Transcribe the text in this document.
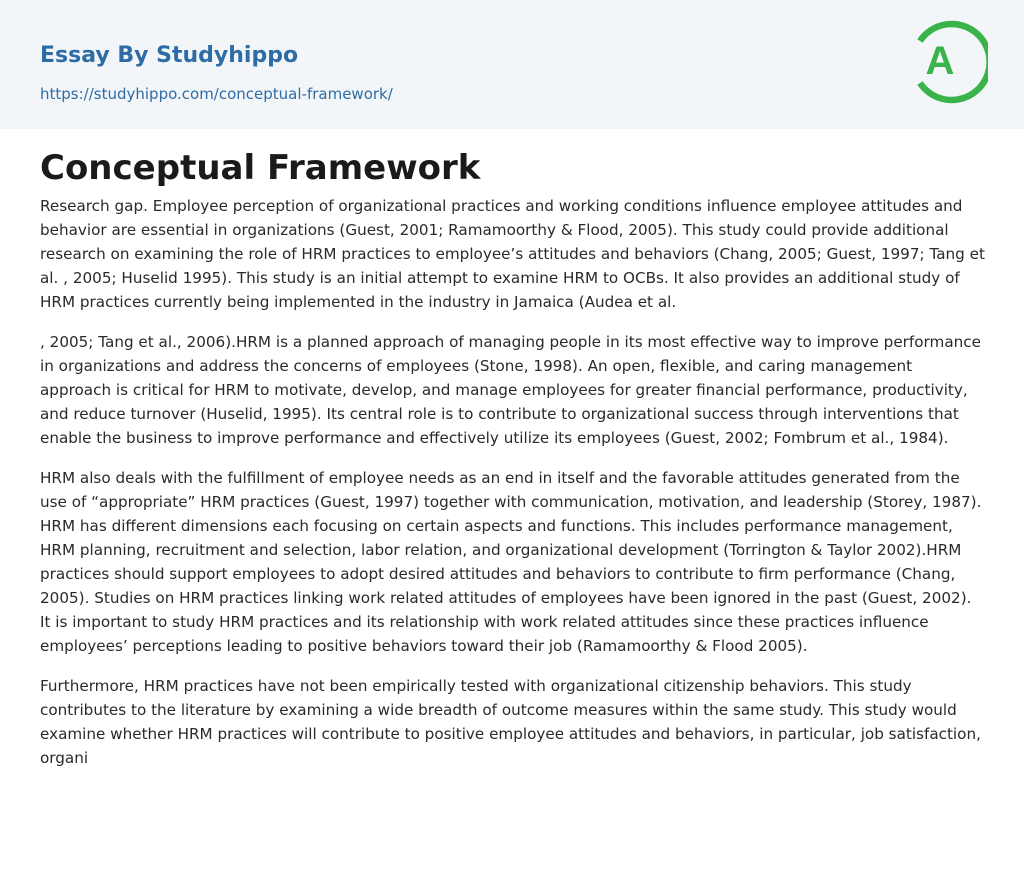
Essay By Studyhippo
https://studyhippo.com/conceptual-framework/
A
Conceptual Framework

Research gap. Employee perception of organizational practices and working conditions influence employee attitudes and behavior are essential in organizations (Guest, 2001; Ramamoorthy & Flood, 2005). This study could provide additional research on examining the role of HRM practices to employee’s attitudes and behaviors (Chang, 2005; Guest, 1997; Tang et al. , 2005; Huselid 1995). This study is an initial attempt to examine HRM to OCBs. It also provides an additional study of HRM practices currently being implemented in the industry in Jamaica (Audea et al.

, 2005; Tang et al., 2006).HRM is a planned approach of managing people in its most effective way to improve performance in organizations and address the concerns of employees (Stone, 1998). An open, flexible, and caring management approach is critical for HRM to motivate, develop, and manage employees for greater financial performance, productivity, and reduce turnover (Huselid, 1995). Its central role is to contribute to organizational success through interventions that enable the business to improve performance and effectively utilize its employees (Guest, 2002; Fombrum et al., 1984).

HRM also deals with the fulfillment of employee needs as an end in itself and the favorable attitudes generated from the use of “appropriate” HRM practices (Guest, 1997) together with communication, motivation, and leadership (Storey, 1987). HRM has different dimensions each focusing on certain aspects and functions. This includes performance management, HRM planning, recruitment and selection, labor relation, and organizational development (Torrington & Taylor 2002).HRM practices should support employees to adopt desired attitudes and behaviors to contribute to firm performance (Chang, 2005). Studies on HRM practices linking work related attitudes of employees have been ignored in the past (Guest, 2002). It is important to study HRM practices and its relationship with work related attitudes since these practices influence employees’ perceptions leading to positive behaviors toward their job (Ramamoorthy & Flood 2005).

Furthermore, HRM practices have not been empirically tested with organizational citizenship behaviors. This study contributes to the literature by examining a wide breadth of outcome measures within the same study. This study would examine whether HRM practices will contribute to positive employee attitudes and behaviors, in particular, job satisfaction, organi
